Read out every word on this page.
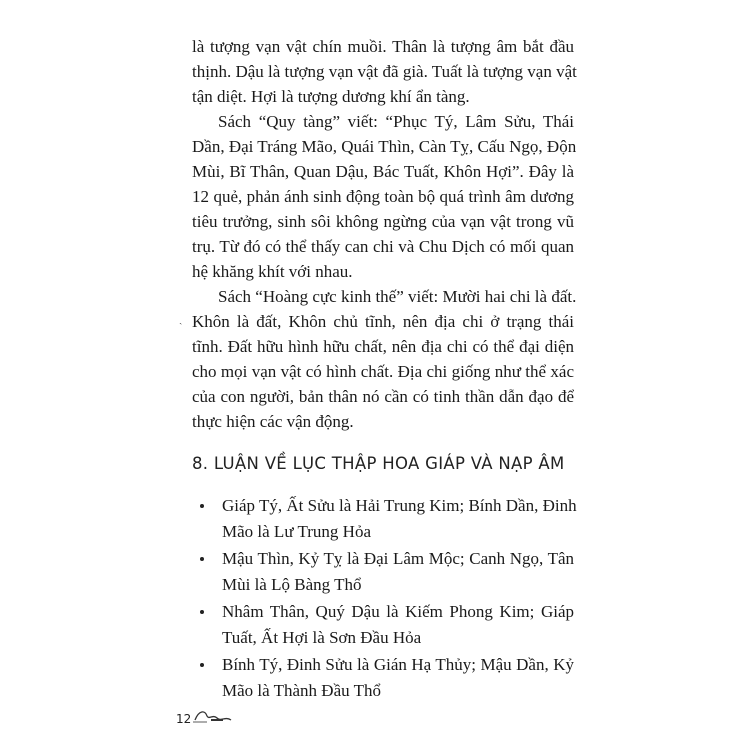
là tượng vạn vật chín muồi. Thân là tượng âm bắt đầu
thịnh. Dậu là tượng vạn vật đã già. Tuất là tượng vạn vật
tận diệt. Hợi là tượng dương khí ẩn tàng.
Sách “Quy tàng” viết: “Phục Tý, Lâm Sửu, Thái
Dần, Đại Tráng Mão, Quái Thìn, Càn Tỵ, Cấu Ngọ, Độn
Mùi, Bĩ Thân, Quan Dậu, Bác Tuất, Khôn Hợi”. Đây là
12 quẻ, phản ánh sinh động toàn bộ quá trình âm dương
tiêu trưởng, sinh sôi không ngừng của vạn vật trong vũ
trụ. Từ đó có thể thấy can chi và Chu Dịch có mối quan
hệ khăng khít với nhau.
Sách “Hoàng cực kinh thế” viết: Mười hai chi là đất.
Khôn là đất, Khôn chủ tĩnh, nên địa chi ở trạng thái
tĩnh. Đất hữu hình hữu chất, nên địa chi có thể đại diện
cho mọi vạn vật có hình chất. Địa chi giống như thể xác
của con người, bản thân nó cần có tinh thần dẫn đạo để
thực hiện các vận động.
ˏ
8. LUẬN VỀ LỤC THẬP HOA GIÁP VÀ NẠP ÂM
Giáp Tý, Ất Sửu là Hải Trung Kim; Bính Dần, Đinh
Mão là Lư Trung Hỏa
Mậu Thìn, Kỷ Tỵ là Đại Lâm Mộc; Canh Ngọ, Tân
Mùi là Lộ Bàng Thổ
Nhâm Thân, Quý Dậu là Kiếm Phong Kim; Giáp
Tuất, Ất Hợi là Sơn Đầu Hỏa
Bính Tý, Đinh Sửu là Gián Hạ Thủy; Mậu Dần, Kỷ
Mão là Thành Đầu Thổ
12
